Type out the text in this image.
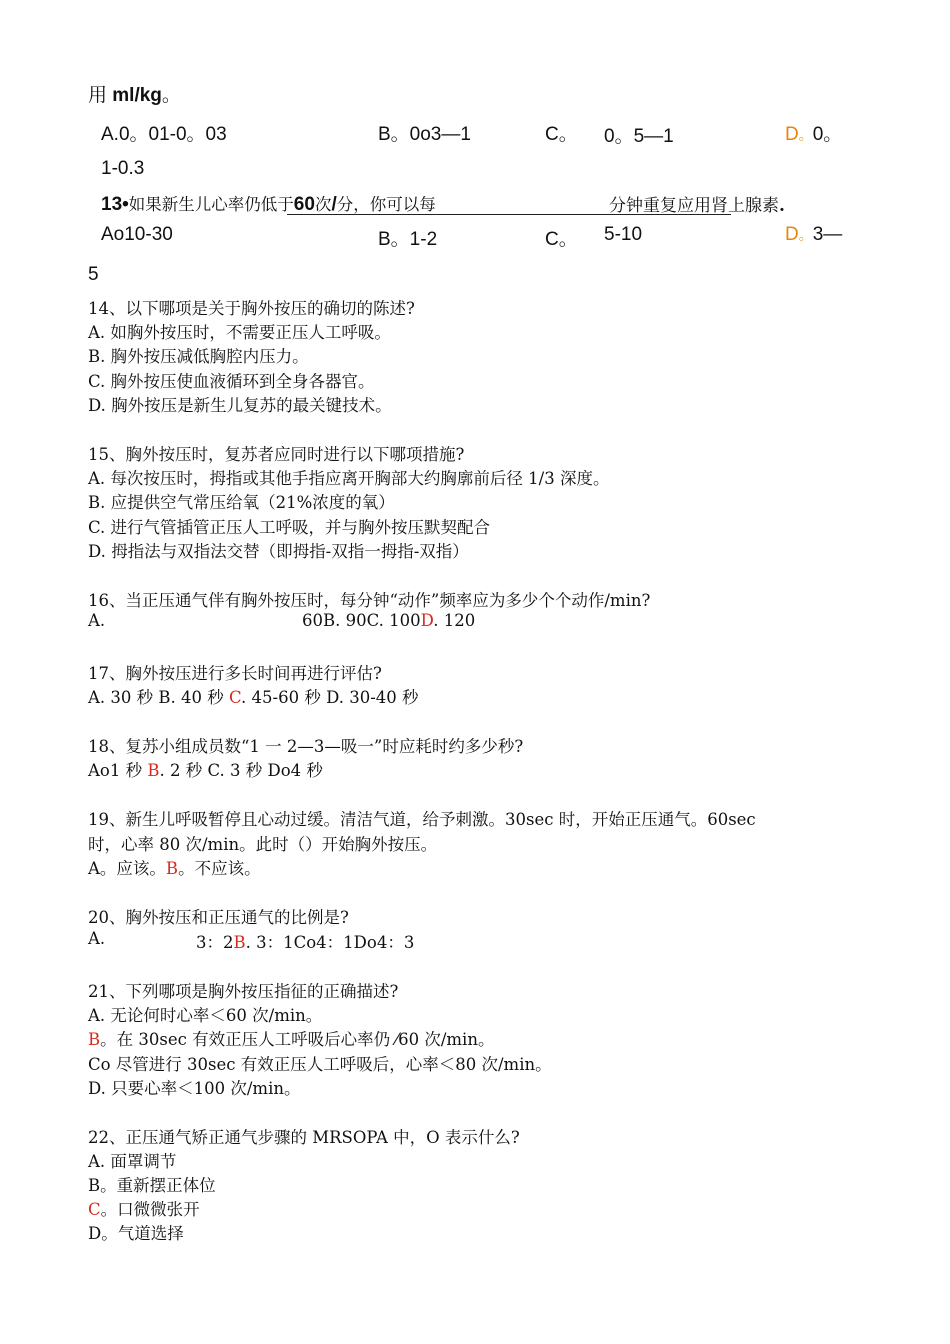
用 ml/kg。
A.0。01-0。03	B。0o3—1	C。 0。5—1	D。0。
1-0.3
13•如果新生儿心率仍低于60次/分，你可以每	分钟重复应用肾上腺素.
Ao10-30	B。1-2	C。 5-10	D。3—
5
14、以下哪项是关于胸外按压的确切的陈述?
A. 如胸外按压时，不需要正压人工呼吸。
B. 胸外按压减低胸腔内压力。
C. 胸外按压使血液循环到全身各器官。
D. 胸外按压是新生儿复苏的最关键技术。
15、胸外按压时，复苏者应同时进行以下哪项措施?
A. 每次按压时，拇指或其他手指应离开胸部大约胸廓前后径 1/3 深度。
B. 应提供空气常压给氧（21%浓度的氧）
C. 进行气管插管正压人工呼吸，并与胸外按压默契配合
D. 拇指法与双指法交替（即拇指-双指一拇指-双指）
16、当正压通气伴有胸外按压时，每分钟“动作”频率应为多少个个动作/min?
A.	60B. 90C. 100D. 120
17、胸外按压进行多长时间再进行评估?
A. 30 秒 B. 40 秒 C. 45-60 秒 D. 30-40 秒
18、复苏小组成员数“1 一 2—3—吸一”时应耗时约多少秒?
Ao1 秒 B. 2 秒 C. 3 秒 Do4 秒
19、新生儿呼吸暂停且心动过缓。清洁气道，给予刺激。30sec 时，开始正压通气。60sec
时，心率 80 次/min。此时（）开始胸外按压。
A。应该。B。不应该。
20、胸外按压和正压通气的比例是?
A.	3：2B. 3：1Co4：1Do4：3
21、下列哪项是胸外按压指征的正确描述?
A. 无论何时心率＜60 次/min。
B。在 30sec 有效正压人工呼吸后心率仍 ⁄60 次/min。
Co 尽管进行 30sec 有效正压人工呼吸后，心率＜80 次/min。
D. 只要心率＜100 次/min。
22、正压通气矫正通气步骤的 MRSOPA 中，O 表示什么?
A. 面罩调节
B。重新摆正体位
C。口微微张开
D。气道选择
